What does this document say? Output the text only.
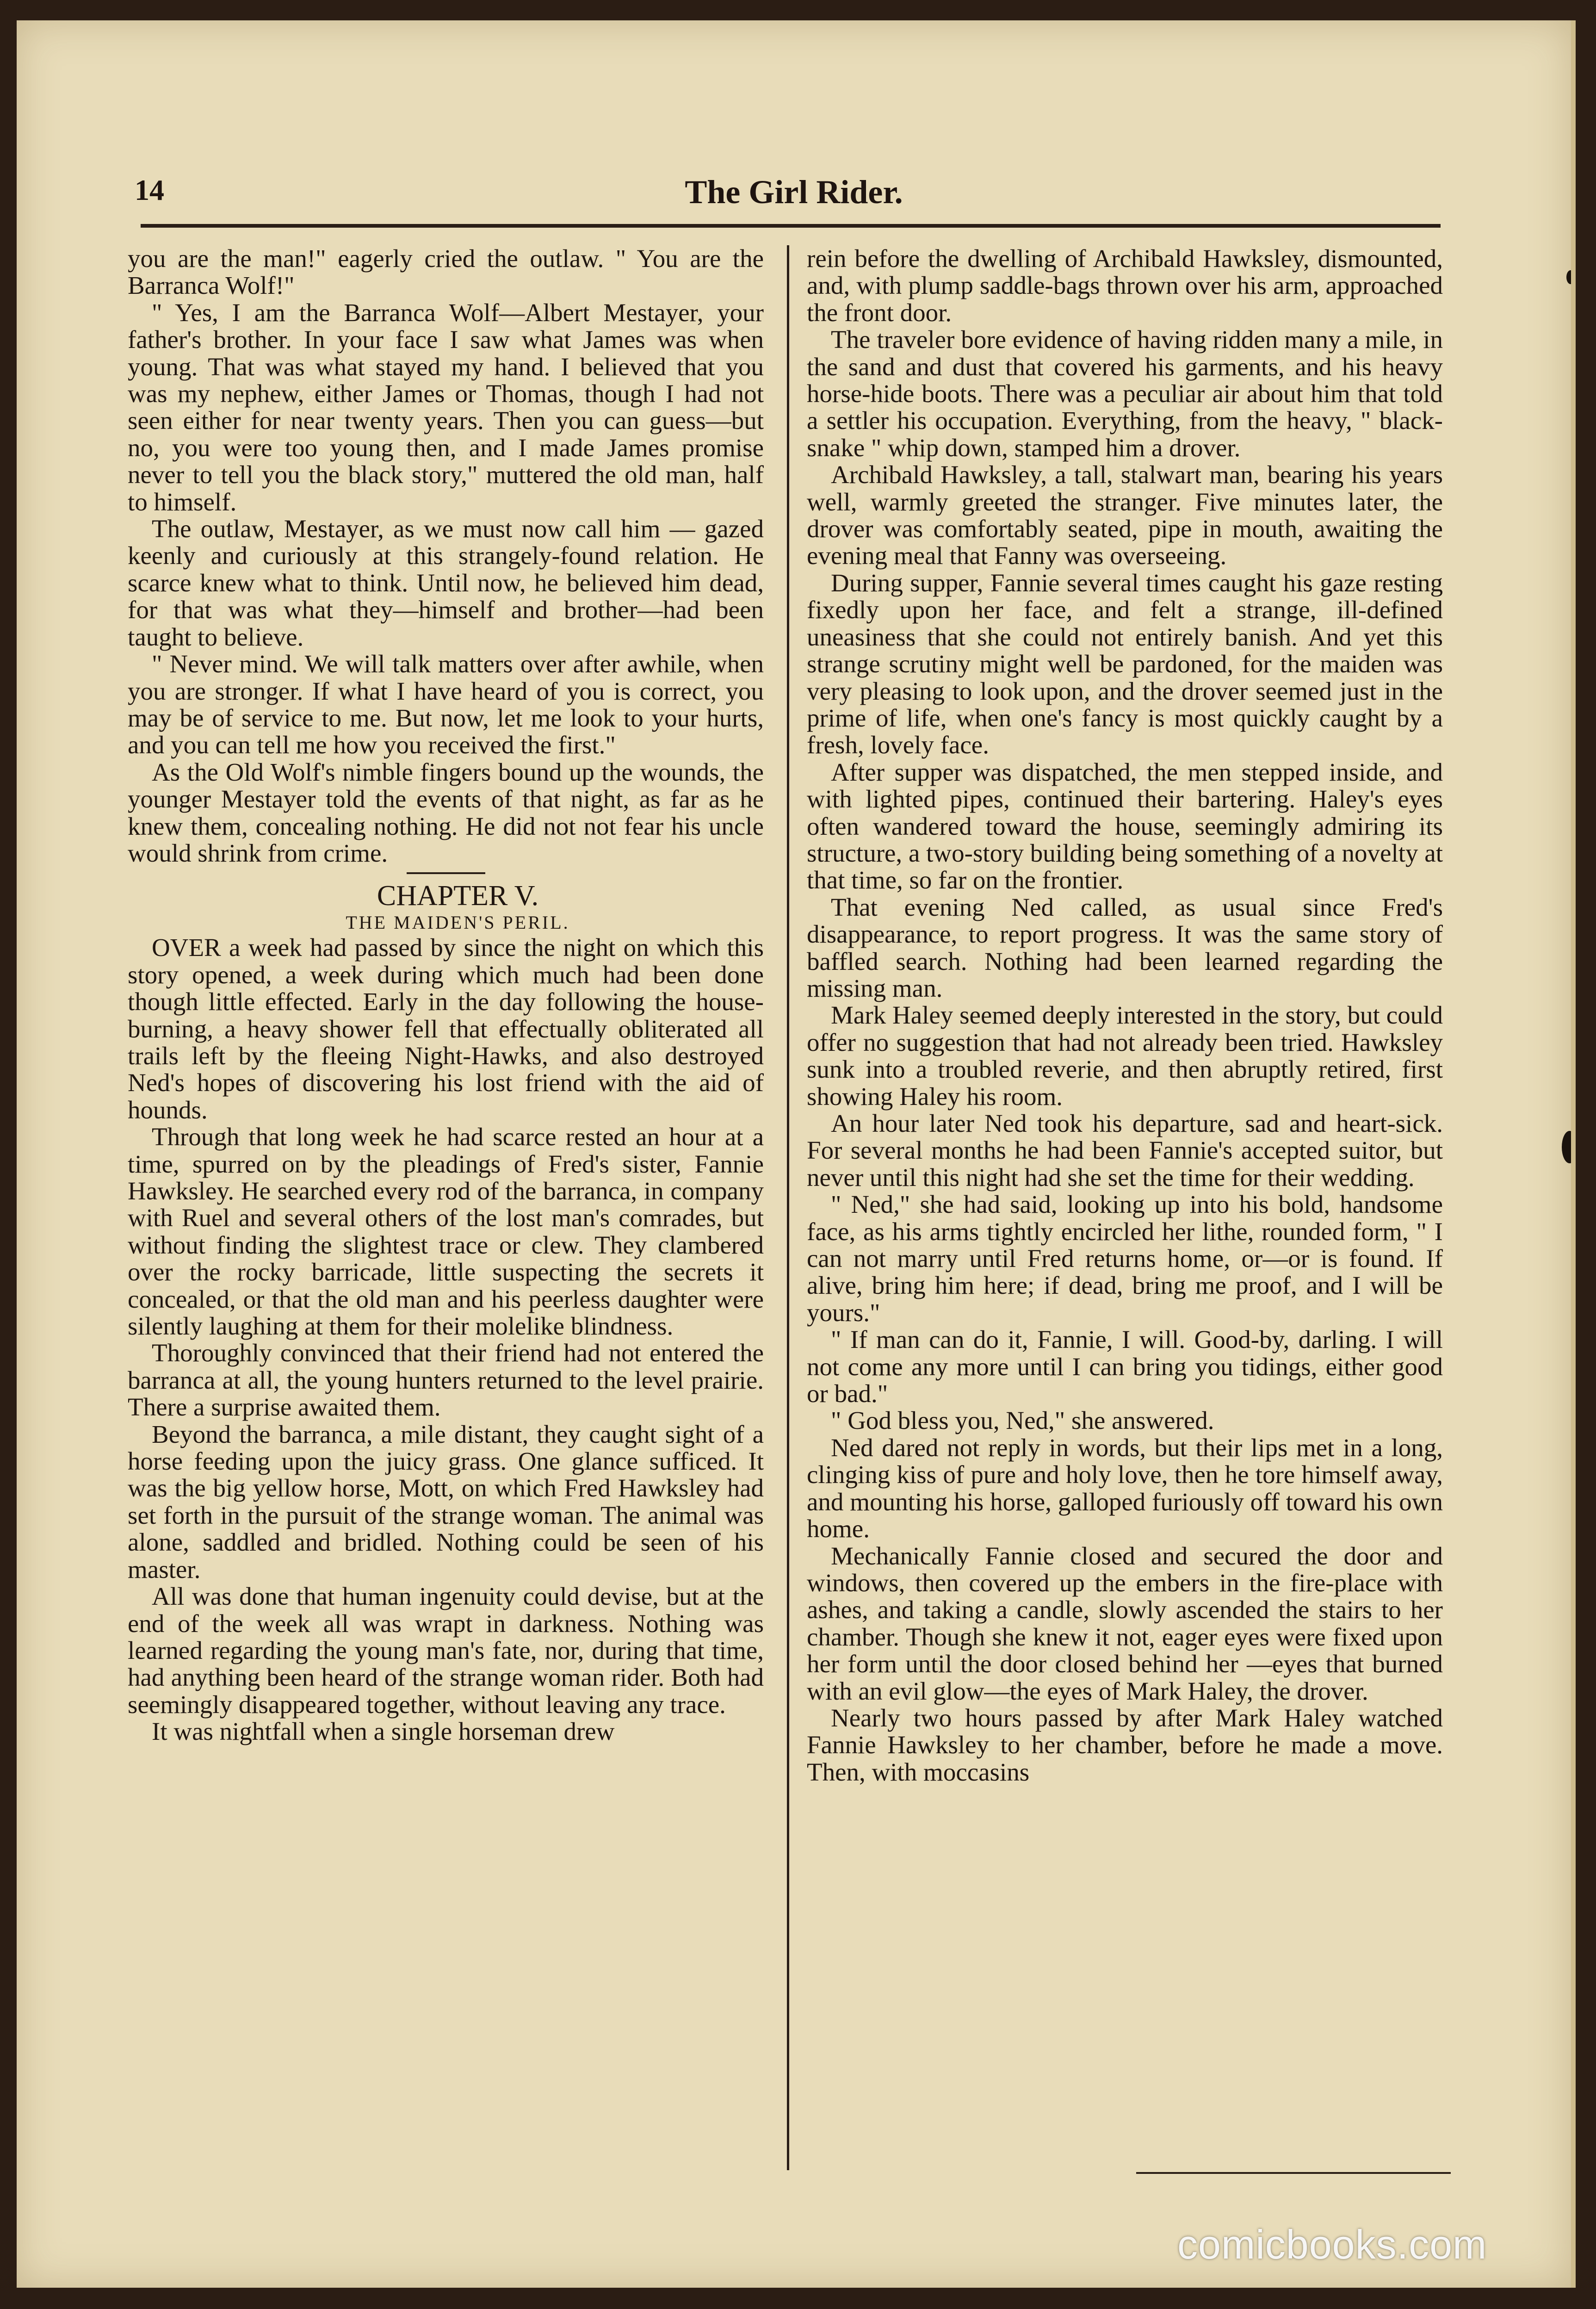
14	The Girl Rider.

you are the man!" eagerly cried the outlaw. " You are the Barranca Wolf!"

" Yes, I am the Barranca Wolf—Albert Mestayer, your father's brother. In your face I saw what James was when young. That was what stayed my hand. I believed that you was my nephew, either James or Thomas, though I had not seen either for near twenty years. Then you can guess—but no, you were too young then, and I made James promise never to tell you the black story," muttered the old man, half to himself.

The outlaw, Mestayer, as we must now call him — gazed keenly and curiously at this strangely-found relation. He scarce knew what to think. Until now, he believed him dead, for that was what they—himself and brother—had been taught to believe.

" Never mind. We will talk matters over after awhile, when you are stronger. If what I have heard of you is correct, you may be of service to me. But now, let me look to your hurts, and you can tell me how you received the first."

As the Old Wolf's nimble fingers bound up the wounds, the younger Mestayer told the events of that night, as far as he knew them, concealing nothing. He did not not fear his uncle would shrink from crime.

CHAPTER V.

THE MAIDEN'S PERIL.

OVER a week had passed by since the night on which this story opened, a week during which much had been done though little effected. Early in the day following the house-burning, a heavy shower fell that effectually obliterated all trails left by the fleeing Night-Hawks, and also destroyed Ned's hopes of discovering his lost friend with the aid of hounds.

Through that long week he had scarce rested an hour at a time, spurred on by the pleadings of Fred's sister, Fannie Hawksley. He searched every rod of the barranca, in company with Ruel and several others of the lost man's comrades, but without finding the slightest trace or clew. They clambered over the rocky barricade, little suspecting the secrets it concealed, or that the old man and his peerless daughter were silently laughing at them for their molelike blindness.

Thoroughly convinced that their friend had not entered the barranca at all, the young hunters returned to the level prairie. There a surprise awaited them.

Beyond the barranca, a mile distant, they caught sight of a horse feeding upon the juicy grass. One glance sufficed. It was the big yellow horse, Mott, on which Fred Hawksley had set forth in the pursuit of the strange woman. The animal was alone, saddled and bridled. Nothing could be seen of his master.

All was done that human ingenuity could devise, but at the end of the week all was wrapt in darkness. Nothing was learned regarding the young man's fate, nor, during that time, had anything been heard of the strange woman rider. Both had seemingly disappeared together, without leaving any trace.

It was nightfall when a single horseman drew

rein before the dwelling of Archibald Hawksley, dismounted, and, with plump saddle-bags thrown over his arm, approached the front door.

The traveler bore evidence of having ridden many a mile, in the sand and dust that covered his garments, and his heavy horse-hide boots. There was a peculiar air about him that told a settler his occupation. Everything, from the heavy, " black-snake " whip down, stamped him a drover.

Archibald Hawksley, a tall, stalwart man, bearing his years well, warmly greeted the stranger. Five minutes later, the drover was comfortably seated, pipe in mouth, awaiting the evening meal that Fanny was overseeing.

During supper, Fannie several times caught his gaze resting fixedly upon her face, and felt a strange, ill-defined uneasiness that she could not entirely banish. And yet this strange scrutiny might well be pardoned, for the maiden was very pleasing to look upon, and the drover seemed just in the prime of life, when one's fancy is most quickly caught by a fresh, lovely face.

After supper was dispatched, the men stepped inside, and with lighted pipes, continued their bartering. Haley's eyes often wandered toward the house, seemingly admiring its structure, a two-story building being something of a novelty at that time, so far on the frontier.

That evening Ned called, as usual since Fred's disappearance, to report progress. It was the same story of baffled search. Nothing had been learned regarding the missing man.

Mark Haley seemed deeply interested in the story, but could offer no suggestion that had not already been tried. Hawksley sunk into a troubled reverie, and then abruptly retired, first showing Haley his room.

An hour later Ned took his departure, sad and heart-sick. For several months he had been Fannie's accepted suitor, but never until this night had she set the time for their wedding.

" Ned," she had said, looking up into his bold, handsome face, as his arms tightly encircled her lithe, rounded form, " I can not marry until Fred returns home, or—or is found. If alive, bring him here; if dead, bring me proof, and I will be yours."

" If man can do it, Fannie, I will. Good-by, darling. I will not come any more until I can bring you tidings, either good or bad."

" God bless you, Ned," she answered.

Ned dared not reply in words, but their lips met in a long, clinging kiss of pure and holy love, then he tore himself away, and mounting his horse, galloped furiously off toward his own home.

Mechanically Fannie closed and secured the door and windows, then covered up the embers in the fire-place with ashes, and taking a candle, slowly ascended the stairs to her chamber. Though she knew it not, eager eyes were fixed upon her form until the door closed behind her —eyes that burned with an evil glow—the eyes of Mark Haley, the drover.

Nearly two hours passed by after Mark Haley watched Fannie Hawksley to her chamber, before he made a move. Then, with moccasins

comicbooks.com
